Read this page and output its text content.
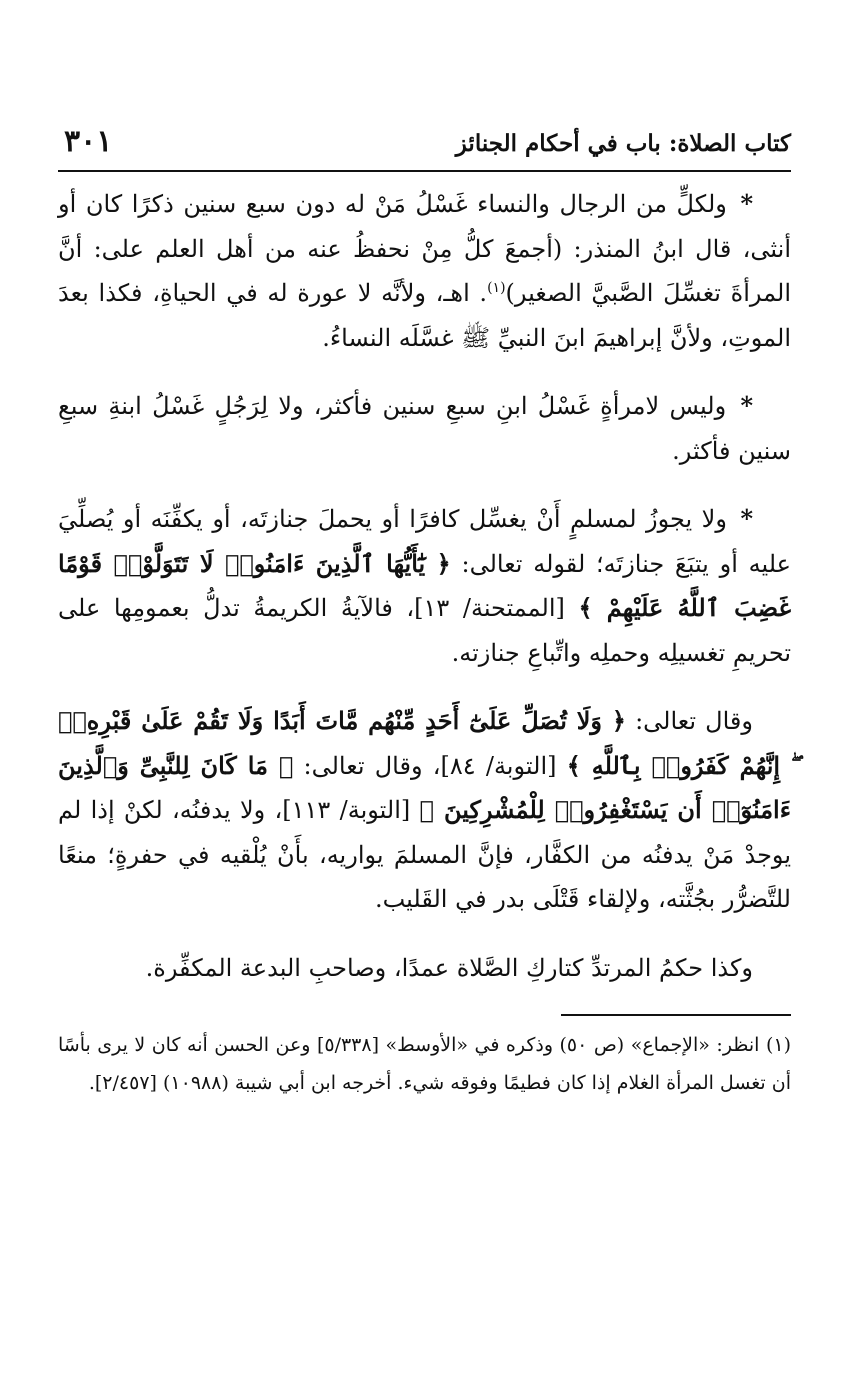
كتاب الصلاة: باب في أحكام الجنائز
٣٠١

* ولكلٍّ من الرجال والنساء غَسْلُ مَنْ له دون سبع سنين ذكرًا كان أو أنثى، قال ابنُ المنذر: (أجمعَ كلُّ مِنْ نحفظُ عنه من أهل العلم على: أنَّ المرأةَ تغسِّلَ الصَّبيَّ الصغير)$^{(١)}$. اهـ، ولأنَّه لا عورة له في الحياةِ، فكذا بعدَ الموتِ، ولأنَّ إبراهيمَ ابنَ النبيِّ ﷺ غسَّلَه النساءُ.

* وليس لامرأةٍ غَسْلُ ابنِ سبعِ سنين فأكثر، ولا لِرَجُلٍ غَسْلُ ابنةِ سبعِ سنين فأكثر.

* ولا يجوزُ لمسلمٍ أَنْ يغسِّل كافرًا أو يحملَ جنازتَه، أو يكفِّنَه أو يُصلِّيَ عليه أو يتبَعَ جنازتَه؛ لقوله تعالى: ﴿ يَٰٓأَيُّهَا ٱلَّذِينَ ءَامَنُوا۟ لَا تَتَوَلَّوْا۟ قَوْمًا غَضِبَ ٱللَّهُ عَلَيْهِمْ ﴾ [الممتحنة/ ١٣]، فالآيةُ الكريمةُ تدلُّ بعمومِها على تحريمِ تغسيلِه وحملِه واتِّباعِ جنازته.

وقال تعالى: ﴿ وَلَا تُصَلِّ عَلَىٰٓ أَحَدٍ مِّنْهُم مَّاتَ أَبَدًا وَلَا تَقُمْ عَلَىٰ قَبْرِهِۦٓ ۖ إِنَّهُمْ كَفَرُوا۟ بِٱللَّهِ ﴾ [التوبة/ ٨٤]، وقال تعالى: ﴿ مَا كَانَ لِلنَّبِىِّ وَٱلَّذِينَ ءَامَنُوٓا۟ أَن يَسْتَغْفِرُوا۟ لِلْمُشْرِكِينَ ﴾ [التوبة/ ١١٣]، ولا يدفنُه، لكنْ إذا لم يوجدْ مَنْ يدفنُه من الكفَّار، فإنَّ المسلمَ يواريه، بأَنْ يُلْقيه في حفرةٍ؛ منعًا للتَّضرُّر بجُثَّته، ولإلقاء قَتْلَى بدر في القَليب.

وكذا حكمُ المرتدِّ كتاركِ الصَّلاة عمدًا، وصاحبِ البدعة المكفِّرة.

(١) انظر: «الإجماع» (ص ٥٠) وذكره في «الأوسط» [٥/٣٣٨] وعن الحسن أنه كان لا يرى بأسًا أن تغسل المرأة الغلام إذا كان فطيمًا وفوقه شيء. أخرجه ابن أبي شيبة (١٠٩٨٨) [٢/٤٥٧].
